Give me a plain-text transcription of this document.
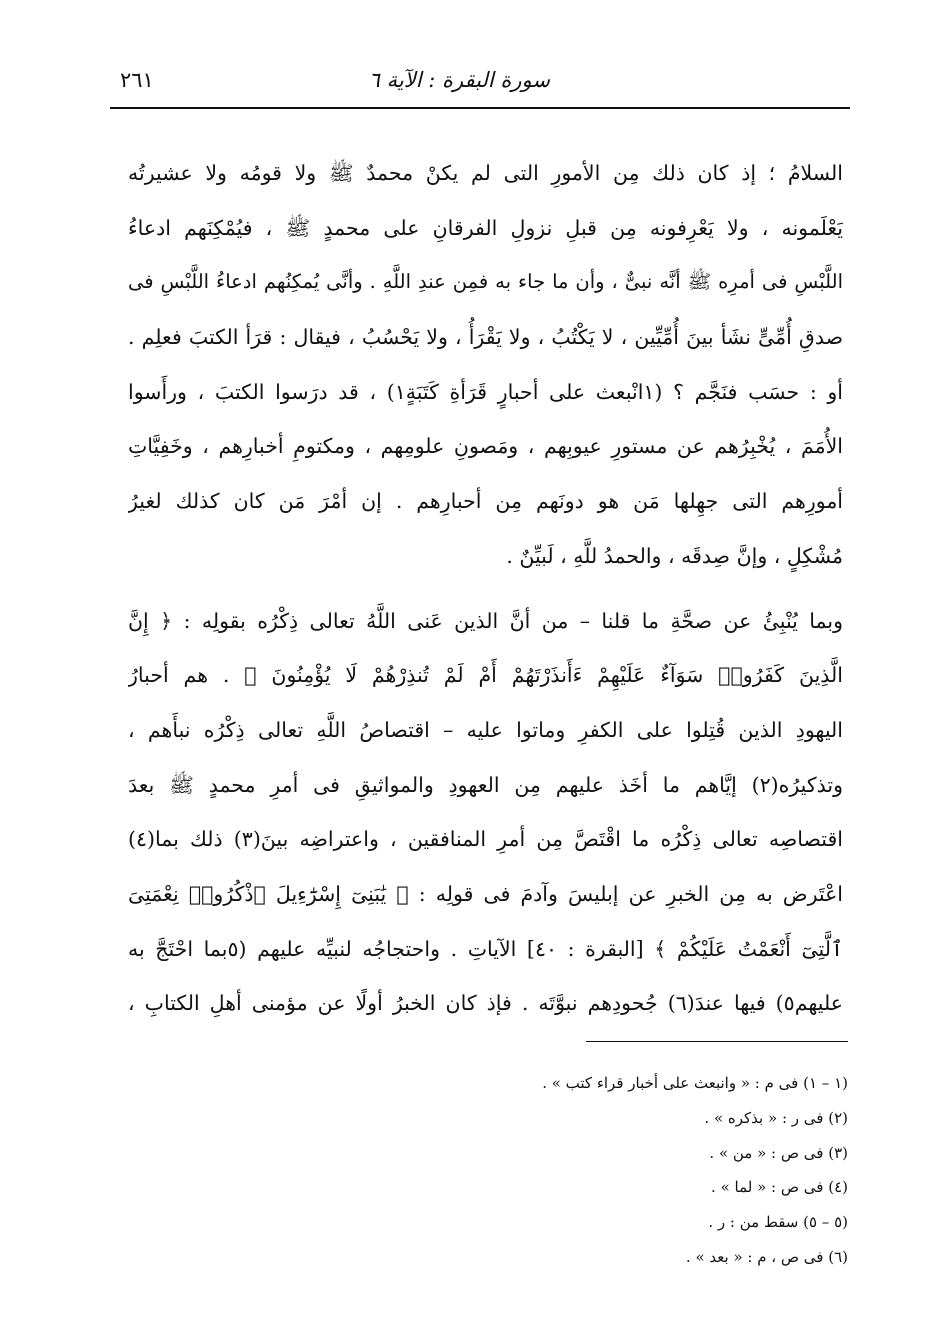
سورة البقرة : الآية ٦
٢٦١
السلامُ ؛ إذ كان ذلك مِن الأمورِ التى لم يكنْ محمدٌ ﷺ ولا قومُه ولا عشيرتُه
يَعْلَمونه ، ولا يَعْرِفونه مِن قبلِ نزولِ الفرقانِ على محمدٍ ﷺ ، فيُمْكِنَهم ادعاءُ
اللَّبْسِ فى أمرِه ﷺ أنَّه نبىٌّ ، وأن ما جاء به فمِن عندِ اللَّهِ . وأنَّى يُمكِنُهم ادعاءُ اللَّبْسِ فى
صدقِ أُمِّىٍّ نشَأ بينَ أُمِّيِّين ، لا يَكْتُبُ ، ولا يَقْرَأُ ، ولا يَحْسُبُ ، فيقال : قرَأ الكتبَ فعلِم .
أو : حسَب فنَجَّم ؟ (١انْبعث على أحبارٍ قَرَأةِ كَتَبَةٍ١) ، قد درَسوا الكتبَ ، ورأَسوا
الأُمَمَ ، يُخْبِرُهم عن مستورِ عيوبِهم ، ومَصونِ علومِهم ، ومكتومِ أخبارِهم ، وخَفِيَّاتِ
أمورِهم التى جهِلها مَن هو دونَهم مِن أحبارِهم . إن أمْرَ مَن كان كذلك لغيرُ
مُشْكِلٍ ، وإنَّ صِدقَه ، والحمدُ للَّهِ ، لَبيِّنٌ .
وبما يُنْبِئُ عن صحَّةِ ما قلنا – من أنَّ الذين عَنى اللَّهُ تعالى ذِكْرُه بقولِه : ﴿ إِنَّ
الَّذِينَ كَفَرُوا۟ سَوَآءٌ عَلَيْهِمْ ءَأَنذَرْتَهُمْ أَمْ لَمْ تُنذِرْهُمْ لَا يُؤْمِنُونَ ﴾ . هم أحبارُ
اليهودِ الذين قُتِلوا على الكفرِ وماتوا عليه – اقتصاصُ اللَّهِ تعالى ذِكْرُه نبأَهم ،
وتذكيرُه(٢) إيَّاهم ما أخَذ عليهم مِن العهودِ والمواثيقِ فى أمرِ محمدٍ ﷺ بعدَ
اقتصاصِه تعالى ذِكْرُه ما اقْتَصَّ مِن أمرِ المنافقين ، واعتراضِه بينَ(٣) ذلك بما(٤)
اعْتَرض به مِن الخبرِ عن إبليسَ وآدمَ فى قولِه : ﴿ يَٰبَنِىٓ إِسْرَٰٓءِيلَ ٱذْكُرُوا۟ نِعْمَتِىَ
ٱلَّتِىٓ أَنْعَمْتُ عَلَيْكُمْ ﴾ [البقرة : ٤٠] الآياتِ . واحتجاجُه لنبيِّه عليهم (٥بما احْتَجَّ به
عليهم٥) فيها عندَ(٦) جُحودِهم نبوَّتَه . فإذ كان الخبرُ أولًا عن مؤمنى أهلِ الكتابِ ،
(١ – ١) فى م : « وانبعث على أخبار قراء كتب » .
(٢) فى ر : « بذكره » .
(٣) فى ص : « من » .
(٤) فى ص : « لما » .
(٥ – ٥) سقط من : ر .
(٦) فى ص ، م : « بعد » .
